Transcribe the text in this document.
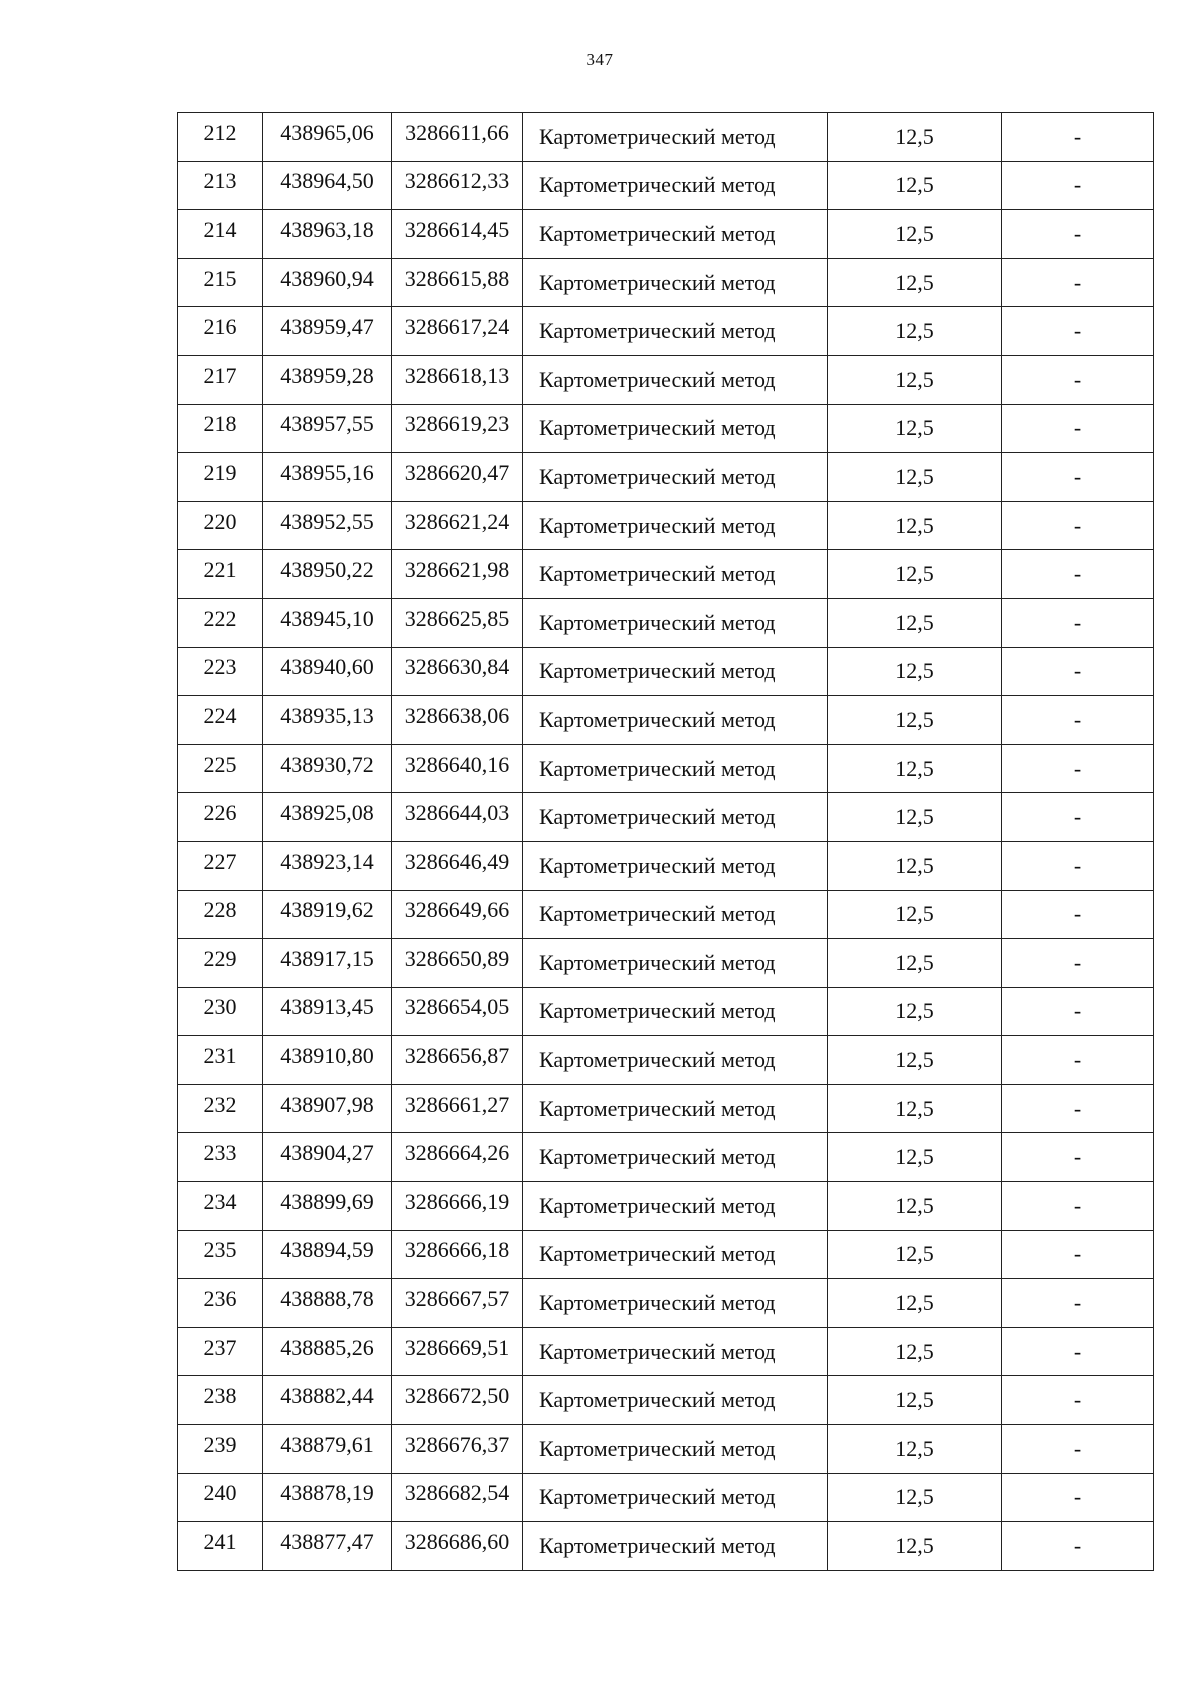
347
212	438965,06	3286611,66	Картометрический метод	12,5	-
213	438964,50	3286612,33	Картометрический метод	12,5	-
214	438963,18	3286614,45	Картометрический метод	12,5	-
215	438960,94	3286615,88	Картометрический метод	12,5	-
216	438959,47	3286617,24	Картометрический метод	12,5	-
217	438959,28	3286618,13	Картометрический метод	12,5	-
218	438957,55	3286619,23	Картометрический метод	12,5	-
219	438955,16	3286620,47	Картометрический метод	12,5	-
220	438952,55	3286621,24	Картометрический метод	12,5	-
221	438950,22	3286621,98	Картометрический метод	12,5	-
222	438945,10	3286625,85	Картометрический метод	12,5	-
223	438940,60	3286630,84	Картометрический метод	12,5	-
224	438935,13	3286638,06	Картометрический метод	12,5	-
225	438930,72	3286640,16	Картометрический метод	12,5	-
226	438925,08	3286644,03	Картометрический метод	12,5	-
227	438923,14	3286646,49	Картометрический метод	12,5	-
228	438919,62	3286649,66	Картометрический метод	12,5	-
229	438917,15	3286650,89	Картометрический метод	12,5	-
230	438913,45	3286654,05	Картометрический метод	12,5	-
231	438910,80	3286656,87	Картометрический метод	12,5	-
232	438907,98	3286661,27	Картометрический метод	12,5	-
233	438904,27	3286664,26	Картометрический метод	12,5	-
234	438899,69	3286666,19	Картометрический метод	12,5	-
235	438894,59	3286666,18	Картометрический метод	12,5	-
236	438888,78	3286667,57	Картометрический метод	12,5	-
237	438885,26	3286669,51	Картометрический метод	12,5	-
238	438882,44	3286672,50	Картометрический метод	12,5	-
239	438879,61	3286676,37	Картометрический метод	12,5	-
240	438878,19	3286682,54	Картометрический метод	12,5	-
241	438877,47	3286686,60	Картометрический метод	12,5	-
